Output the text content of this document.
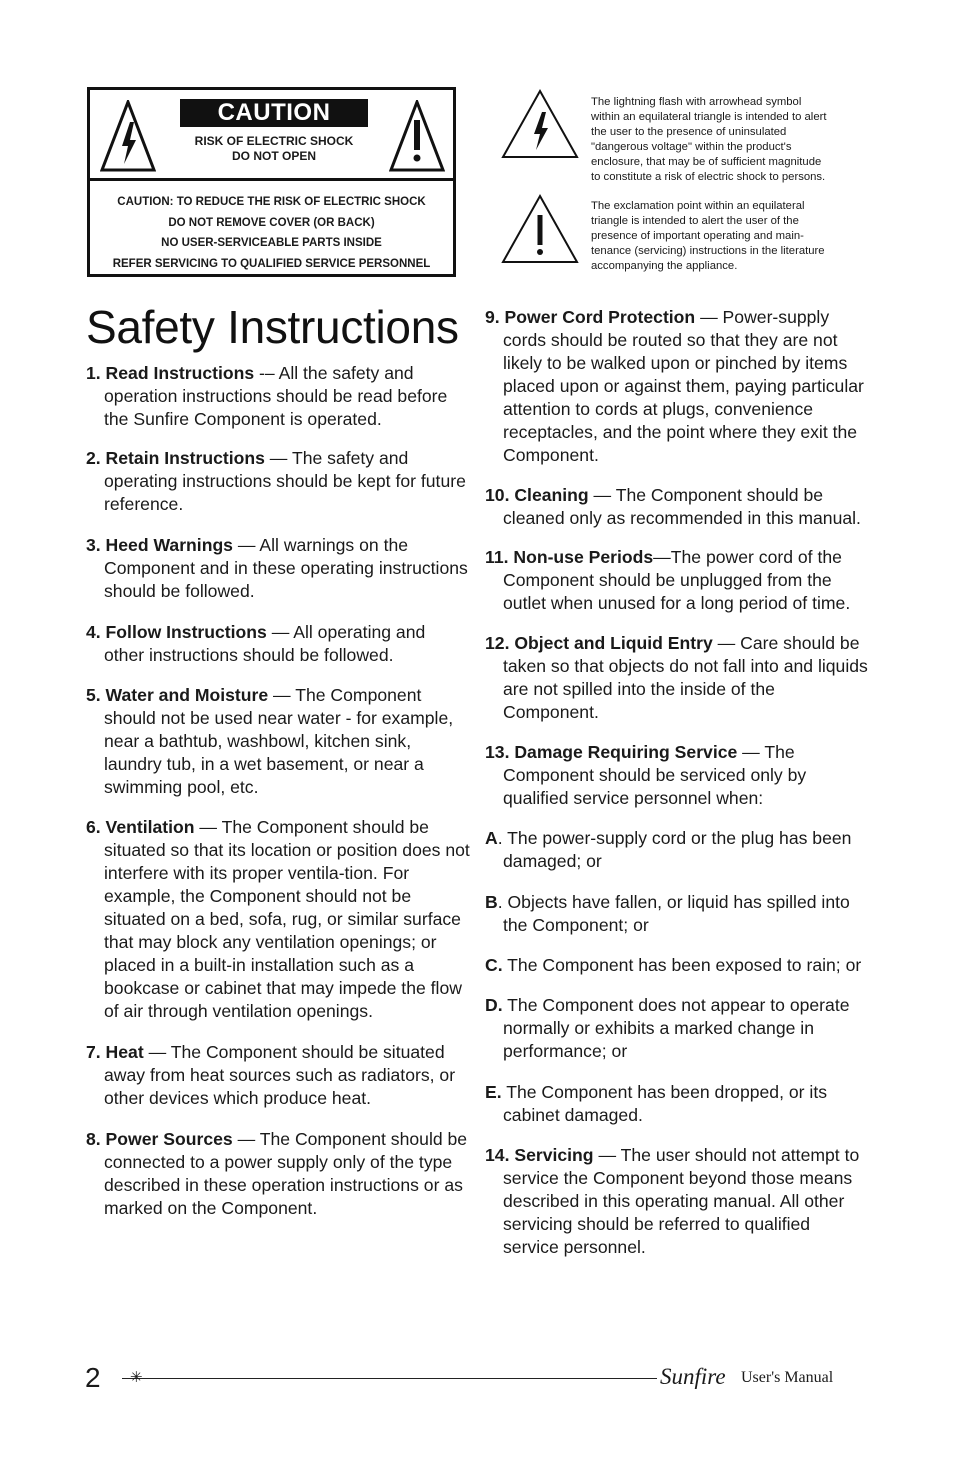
CAUTION
RISK OF ELECTRIC SHOCK
DO NOT OPEN
CAUTION: TO REDUCE THE RISK OF ELECTRIC SHOCK
DO NOT REMOVE COVER (OR BACK)
NO USER-SERVICEABLE PARTS INSIDE
REFER SERVICING TO QUALIFIED SERVICE PERSONNEL
The lightning flash with arrowhead symbol
within an equilateral triangle is intended to alert
the user to the presence of uninsulated
"dangerous voltage" within the product's
enclosure, that may be of sufficient magnitude
to constitute a risk of electric shock to persons.
The exclamation point within an equilateral
triangle is intended to alert the user of the
presence of important operating and main-
tenance (servicing) instructions in the literature
accompanying the appliance.
Safety Instructions
1. Read Instructions -– All the safety and operation instructions should be read before the Sunfire Component is operated.
2. Retain Instructions — The safety and operating instructions should be kept for future reference.
3. Heed Warnings — All warnings on the Component and in these operating instructions should be followed.
4. Follow Instructions — All operating and other instructions should be followed.
5. Water and Moisture — The Component should not be used near water - for example, near a bathtub, washbowl, kitchen sink, laundry tub, in a wet basement, or near a swimming pool, etc.
6. Ventilation — The Component should be situated so that its location or position does not interfere with its proper ventila-tion. For example, the Component should not be situated on a bed, sofa, rug, or similar surface that may block any ventilation openings; or placed in a built-in installation such as a bookcase or cabinet that may impede the flow of air through ventilation openings.
7. Heat — The Component should be situated away from heat sources such as radiators, or other devices which produce heat.
8. Power Sources — The Component should be connected to a power supply only of the type described in these operation instructions or as marked on the Component.
9. Power Cord Protection — Power-supply cords should be routed so that they are not likely to be walked upon or pinched by items placed upon or against them, paying particular attention to cords at plugs, convenience receptacles, and the point where they exit the Component.
10. Cleaning — The Component should be cleaned only as recommended in this manual.
11. Non-use Periods—The power cord of the Component should be unplugged from the outlet when unused for a long period of time.
12. Object and Liquid Entry — Care should be taken so that objects do not fall into and liquids are not spilled into the inside of the Component.
13. Damage Requiring Service — The Component should be serviced only by qualified service personnel when:
A. The power-supply cord or the plug has been damaged; or
B. Objects have fallen, or liquid has spilled into the Component; or
C. The Component has been exposed to rain; or
D. The Component does not appear to operate normally or exhibits a marked change in performance; or
E. The Component has been dropped, or its cabinet damaged.
14. Servicing — The user should not attempt to service the Component beyond those means described in this operating manual. All other servicing should be referred to qualified service personnel.
2 ✳	Sunfire User's Manual
